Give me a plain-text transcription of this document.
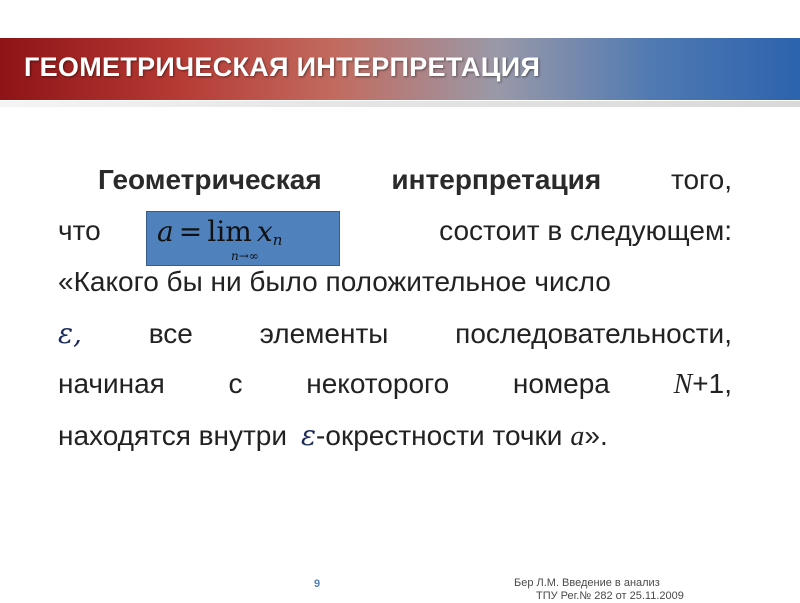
ГЕОМЕТРИЧЕСКАЯ ИНТЕРПРЕТАЦИЯ
Геометрическая интерпретация того,
что	состоит в следующем:
«Какого бы ни было положительное число
ε, все элементы последовательности,
начиная с некоторого номера N+1,
находятся внутри ε -окрестности точки a ».
$a = \lim x_n$
n→∞
9	Бер Л.М. Введение в анализ
ТПУ Рег.№ 282 от 25.11.2009
